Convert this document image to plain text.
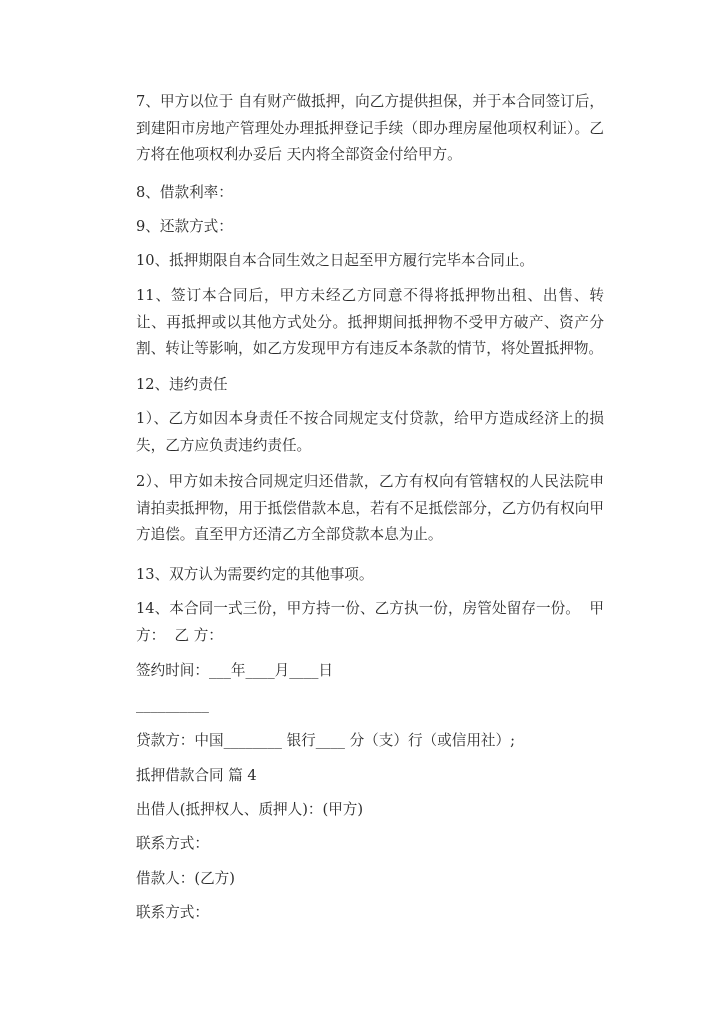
7、甲方以位于 自有财产做抵押，向乙方提供担保，并于本合同签订后，到建阳市房地产管理处办理抵押登记手续（即办理房屋他项权利证）。乙方将在他项权利办妥后 天内将全部资金付给甲方。

8、借款利率：

9、还款方式：

10、抵押期限自本合同生效之日起至甲方履行完毕本合同止。

11、签订本合同后，甲方未经乙方同意不得将抵押物出租、出售、转让、再抵押或以其他方式处分。抵押期间抵押物不受甲方破产、资产分割、转让等影响，如乙方发现甲方有违反本条款的情节，将处置抵押物。

12、违约责任

1）、乙方如因本身责任不按合同规定支付贷款，给甲方造成经济上的损失，乙方应负责违约责任。

2）、甲方如未按合同规定归还借款，乙方有权向有管辖权的人民法院申请拍卖抵押物，用于抵偿借款本息，若有不足抵偿部分，乙方仍有权向甲方追偿。直至甲方还清乙方全部贷款本息为止。

13、双方认为需要约定的其他事项。

14、本合同一式三份，甲方持一份、乙方执一份，房管处留存一份。  甲方：  乙 方：

签约时间：___年____月____日

__________

贷款方：中国________ 银行____ 分（支）行（或信用社）;

抵押借款合同 篇 4

出借人(抵押权人、质押人)：(甲方)

联系方式：

借款人：(乙方)

联系方式：
